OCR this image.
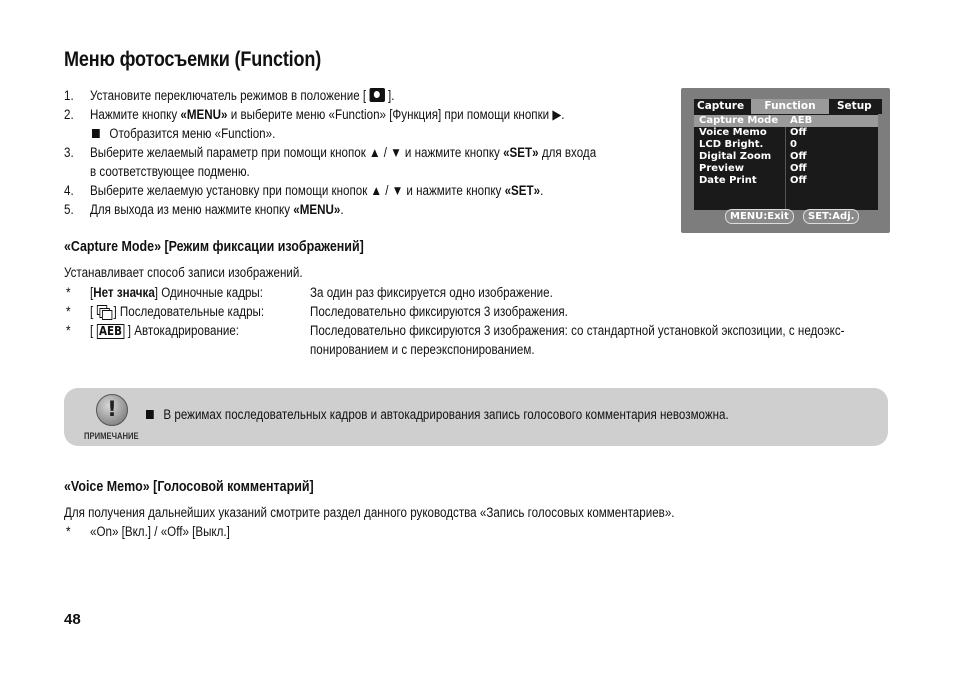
Меню фотосъемки (Function)
1. Установите переключатель режимов в положение [ ].
2. Нажмите кнопку «MENU» и выберите меню «Function» [Функция] при помощи кнопки ▶.
Отобразится меню «Function».
3. Выберите желаемый параметр при помощи кнопок ▲ / ▼ и нажмите кнопку «SET» для входа
в соответствующее подменю.
4. Выберите желаемую установку при помощи кнопок ▲ / ▼ и нажмите кнопку «SET».
5. Для выхода из меню нажмите кнопку «MENU».
Capture	Function	Setup
Capture Mode AEB
Voice Memo Off
LCD Bright.	0
Digital Zoom Off
Preview	Off
Date Print	Off
MENU:Exit	SET:Adj.
«Capture Mode» [Режим фиксации изображений]
Устанавливает способ записи изображений.
* [Нет значка] Одиночные кадры:	За один раз фиксируется одно изображение.
* [ ] Последовательные кадры:	Последовательно фиксируются 3 изображения.
* [ AEB ] Автокадрирование:	Последовательно фиксируются 3 изображения: со стандартной установкой экспозиции, с недоэкс-
понированием и с переэкспонированием.
!
ПРИМЕЧАНИЕ
В режимах последовательных кадров и автокадрирования запись голосового комментария невозможна.
«Voice Memo» [Голосовой комментарий]
Для получения дальнейших указаний смотрите раздел данного руководства «Запись голосовых комментариев».
* «On» [Вкл.] / «Off» [Выкл.]
48
